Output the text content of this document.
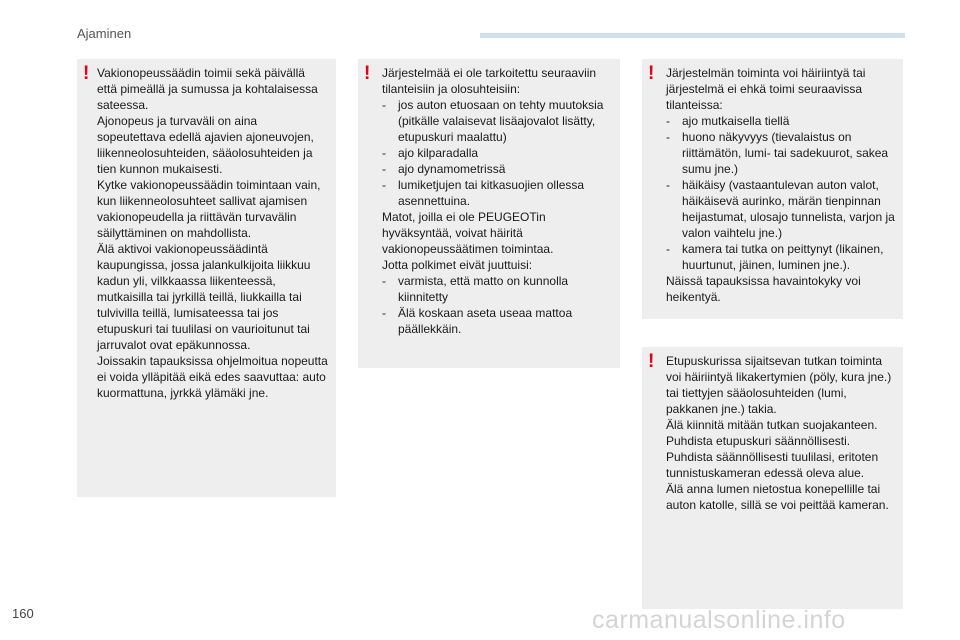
Ajaminen
! Vakionopeussäädin toimii sekä päivällä että pimeällä ja sumussa ja kohtalaisessa sateessa.

Ajonopeus ja turvaväli on aina sopeutettava edellä ajavien ajoneuvojen, liikenneolosuhteiden, sääolosuhteiden ja tien kunnon mukaisesti.

Kytke vakionopeussäädin toimintaan vain, kun liikenneolosuhteet sallivat ajamisen vakionopeudella ja riittävän turvavälin säilyttäminen on mahdollista.

Älä aktivoi vakionopeussäädintä kaupungissa, jossa jalankulkijoita liikkuu kadun yli, vilkkaassa liikenteessä, mutkaisilla tai jyrkillä teillä, liukkailla tai tulvivilla teillä, lumisateessa tai jos etupuskuri tai tuulilasi on vaurioitunut tai jarruvalot ovat epäkunnossa.

Joissakin tapauksissa ohjelmoitua nopeutta ei voida ylläpitää eikä edes saavuttaa: auto kuormattuna, jyrkkä ylämäki jne.

! Järjestelmää ei ole tarkoitettu seuraaviin tilanteisiin ja olosuhteisiin:

- jos auton etuosaan on tehty muutoksia (pitkälle valaisevat lisäajovalot lisätty, etupuskuri maalattu)
- ajo kilparadalla
- ajo dynamometrissä
- lumiketjujen tai kitkasuojien ollessa asennettuina.

Matot, joilla ei ole PEUGEOTin hyväksyntää, voivat häiritä vakionopeussäätimen toimintaa.

Jotta polkimet eivät juuttuisi:

- varmista, että matto on kunnolla kiinnitetty
- Älä koskaan aseta useaa mattoa päällekkäin.
! Järjestelmän toiminta voi häiriintyä tai järjestelmä ei ehkä toimi seuraavissa tilanteissa:

- ajo mutkaisella tiellä
- huono näkyvyys (tievalaistus on riittämätön, lumi- tai sadekuurot, sakea sumu jne.)
- häikäisy (vastaantulevan auton valot, häikäisevä aurinko, märän tienpinnan heijastumat, ulosajo tunnelista, varjon ja valon vaihtelu jne.)
- kamera tai tutka on peittynyt (likainen, huurtunut, jäinen, luminen jne.).

Näissä tapauksissa havaintokyky voi heikentyä.

! Etupuskurissa sijaitsevan tutkan toiminta voi häiriintyä likakertymien (pöly, kura jne.) tai tiettyjen sääolosuhteiden (lumi, pakkanen jne.) takia.

Älä kiinnitä mitään tutkan suojakanteen.

Puhdista etupuskuri säännöllisesti.

Puhdista säännöllisesti tuulilasi, eritoten tunnistuskameran edessä oleva alue.

Älä anna lumen nietostua konepellille tai auton katolle, sillä se voi peittää kameran.

160	carmanualsonline.info
